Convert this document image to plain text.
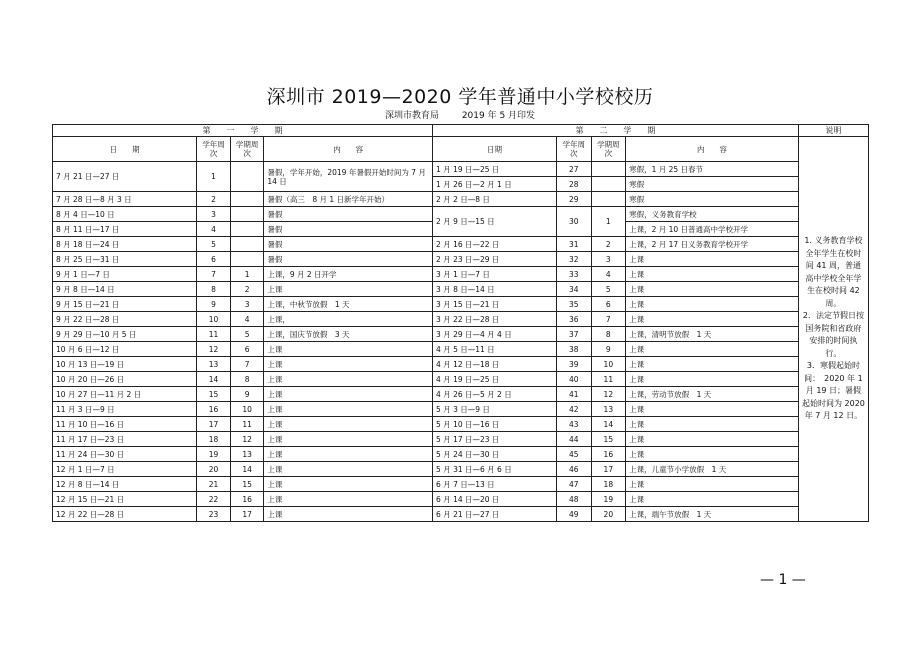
深圳市 2019—2020 学年普通中小学校校历
深圳市教育局	2019 年 5 月印发
第　　一　　学　　期				第　　二　　学　　期				说明
日　　期	学年周次	学期周次	内　　容	日期	学年周次	学期周次	内　　容	1. 义务教育学校全年学生在校时间 41 周，普通高中学校全年学生在校时间 42 周。
2．法定节假日按国务院和省政府安排的时间执行。
3．寒假起始时间：　2020 年 1 月 19 日；暑假起始时间为 2020 年 7 月 12 日。

7 月 21 日—27 日	1		暑假，学年开始，2019 年暑假开始时间为 7 月 14 日	1 月 19 日—25 日	27		寒假，1 月 25 日春节	
				1 月 26 日—2 月 1 日	28		寒假	
7 月 28 日—8 月 3 日	2		暑假（高三　8 月 1 日新学年开始）	2 月 2 日—8 日	29		寒假	
8 月 4 日—10 日	3		暑假	2 月 9 日—15 日	30	1	寒假，义务教育学校	
8 月 11 日—17 日	4		暑假				上课，2 月 10 日普通高中学校开学	
8 月 18 日—24 日	5		暑假	2 月 16 日—22 日	31	2	上课，2 月 17 日义务教育学校开学	
8 月 25 日—31 日	6		暑假	2 月 23 日—29 日	32	3	上课	
9 月 1 日—7 日	7	1	上课，9 月 2 日开学	3 月 1 日—7 日	33	4	上课	
9 月 8 日—14 日	8	2	上课	3 月 8 日—14 日	34	5	上课	
9 月 15 日—21 日	9	3	上课，中秋节放假　1 天	3 月 15 日—21 日	35	6	上课	
9 月 22 日—28 日	10	4	上课，	3 月 22 日—28 日	36	7	上课	
9 月 29 日—10 月 5 日	11	5	上课，国庆节放假　3 天	3 月 29 日—4 月 4 日	37	8	上课，清明节放假　1 天	
10 月 6 日—12 日	12	6	上课	4 月 5 日—11 日	38	9	上课	
10 月 13 日—19 日	13	7	上课	4 月 12 日—18 日	39	10	上课	
10 月 20 日—26 日	14	8	上课	4 月 19 日—25 日	40	11	上课	
10 月 27 日—11 月 2 日	15	9	上课	4 月 26 日—5 月 2 日	41	12	上课，劳动节放假　1 天	
11 月 3 日—9 日	16	10	上课	5 月 3 日—9 日	42	13	上课	
11 月 10 日—16 日	17	11	上课	5 月 10 日—16 日	43	14	上课	
11 月 17 日—23 日	18	12	上课	5 月 17 日—23 日	44	15	上课	
11 月 24 日—30 日	19	13	上课	5 月 24 日—30 日	45	16	上课	
12 月 1 日—7 日	20	14	上课	5 月 31 日—6 月 6 日	46	17	上课，儿童节小学放假　1 天	
12 月 8 日—14 日	21	15	上课	6 月 7 日—13 日	47	18	上课	
12 月 15 日—21 日	22	16	上课	6 月 14 日—20 日	48	19	上课	
12 月 22 日—28 日	23	17	上课	6 月 21 日—27 日	49	20	上课，端午节放假　1 天	
— 1 —
